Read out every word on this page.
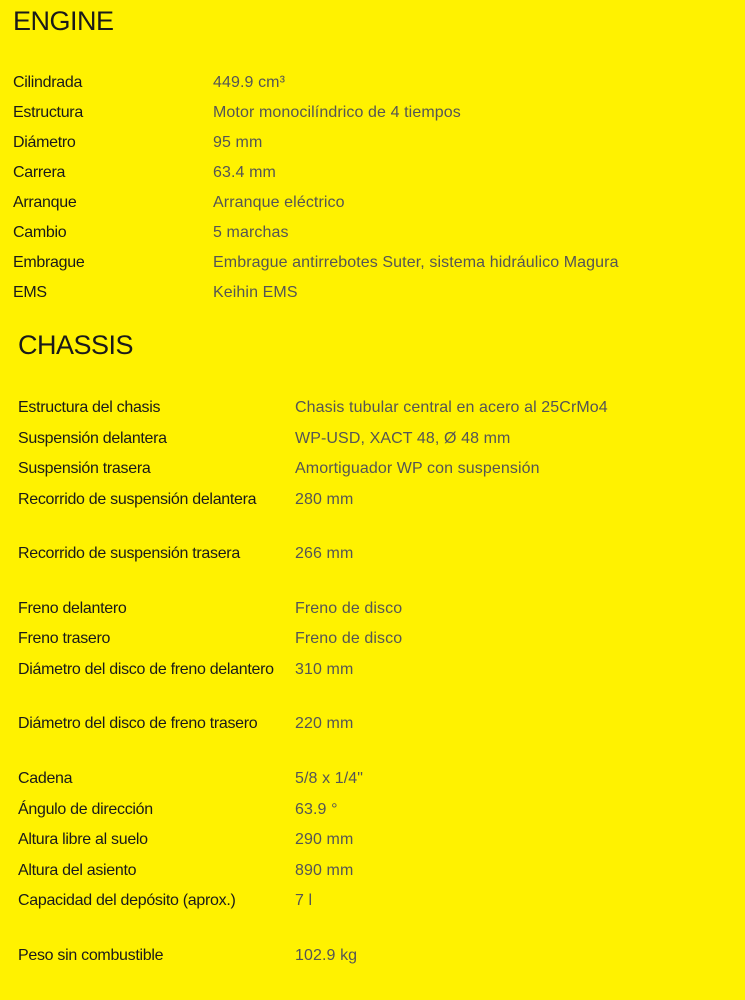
ENGINE
Cilindrada	449.9 cm³
Estructura	Motor monocilíndrico de 4 tiempos
Diámetro	95 mm
Carrera	63.4 mm
Arranque	Arranque eléctrico
Cambio	5 marchas
Embrague	Embrague antirrebotes Suter, sistema hidráulico Magura
EMS	Keihin EMS
CHASSIS
Estructura del chasis	Chasis tubular central en acero al 25CrMo4
Suspensión delantera	WP-USD, XACT 48, Ø 48 mm
Suspensión trasera	Amortiguador WP con suspensión
Recorrido de suspensión delantera	280 mm
Recorrido de suspensión trasera	266 mm
Freno delantero	Freno de disco
Freno trasero	Freno de disco
Diámetro del disco de freno delantero	310 mm
Diámetro del disco de freno trasero	220 mm
Cadena	5/8 x 1/4"
Ángulo de dirección	63.9 °
Altura libre al suelo	290 mm
Altura del asiento	890 mm
Capacidad del depósito (aprox.)	7 l
Peso sin combustible	102.9 kg
